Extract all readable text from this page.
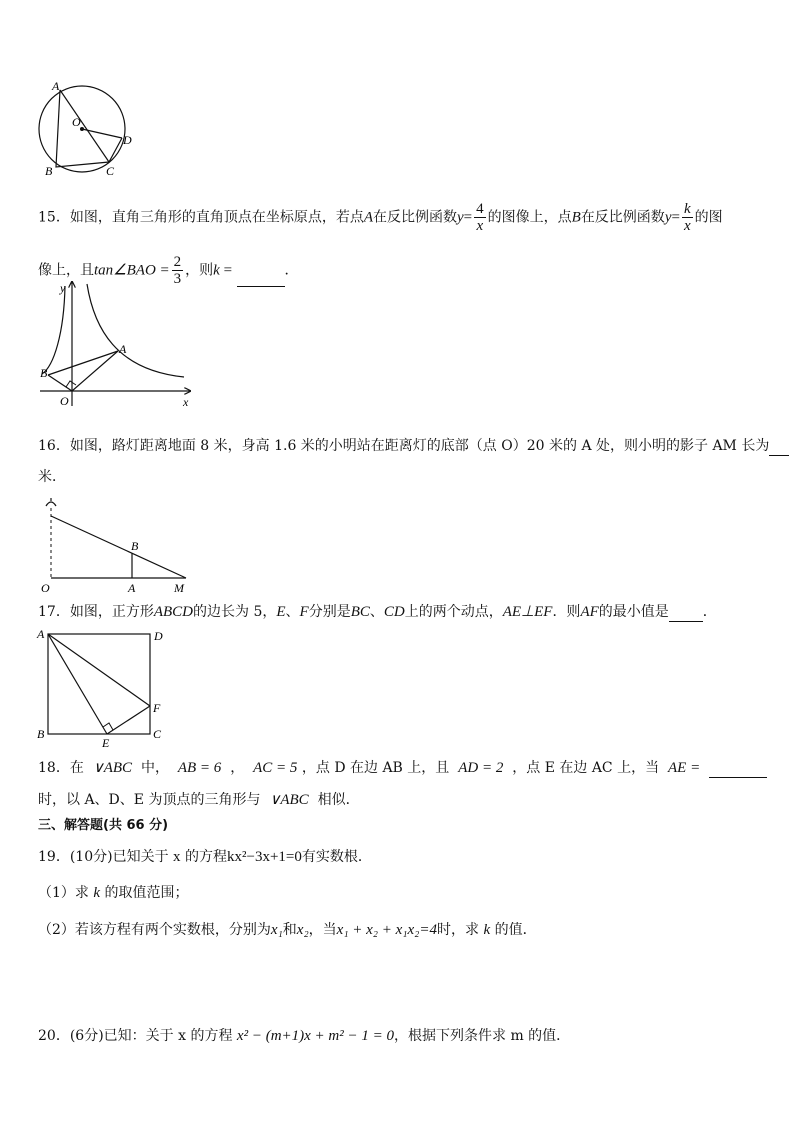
A
O
D
B	C
15．如图，直角三角形的直角顶点在坐标原点，若点A在反比例函数$y= \frac{4}{x}$ 的图像上，点B在反比例函数$y= \frac{k}{x}$ 的图
像上，且tan∠BAO = $\frac{2}{3}$ ，则k =	．
y
x
O
A
B
16．如图，路灯距离地面 8 米，身高 1.6 米的小明站在距离灯的底部（点 O）20 米的 A 处，则小明的影子 AM 长为
米．
O	A
B
M
17．如图，正方形ABCD的边长为 5，E、F分别是BC、CD上的两个动点，AE⊥EF．则AF的最小值是 ．
A	D
B	C
E
F
18．在 ∨ABC 中， AB = 6 ， AC = 5 ，点 D 在边 AB 上，且 AD = 2 ，点 E 在边 AC 上，当 AE =
时，以 A、D、E 为顶点的三角形与 ∨ABC 相似．
三、解答题(共 66 分)
19．(10分)已知关于 x 的方程kx²−3x+1=0有实数根．
（1）求 k 的取值范围；
（2）若该方程有两个实数根，分别为x₁和x₂，当x₁ + x₂ + x₁x₂=4时，求 k 的值．
20．(6分)已知：关于 x 的方程 x² − (m+1)x + m² − 1 = 0，根据下列条件求 m 的值．
